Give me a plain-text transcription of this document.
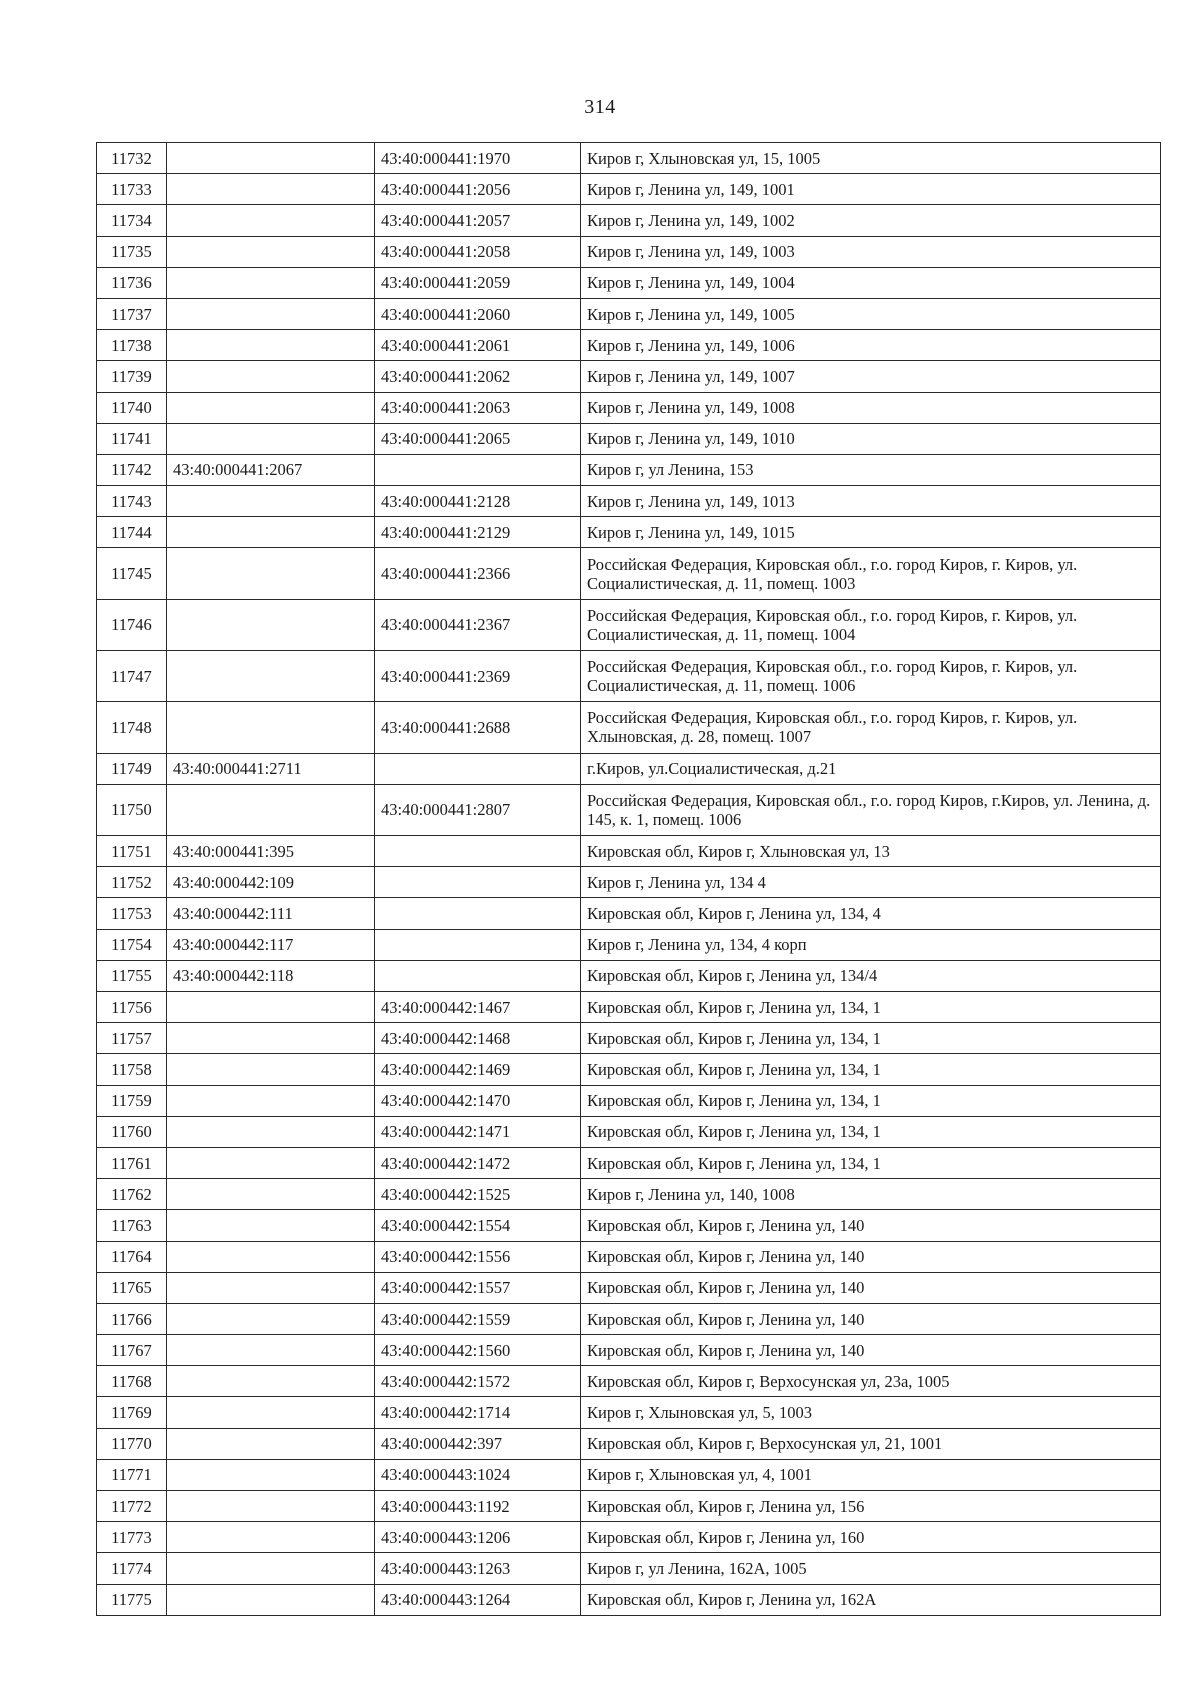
314
11732		43:40:000441:1970	Киров г, Хлыновская ул, 15, 1005
11733		43:40:000441:2056	Киров г, Ленина ул, 149, 1001
11734		43:40:000441:2057	Киров г, Ленина ул, 149, 1002
11735		43:40:000441:2058	Киров г, Ленина ул, 149, 1003
11736		43:40:000441:2059	Киров г, Ленина ул, 149, 1004
11737		43:40:000441:2060	Киров г, Ленина ул, 149, 1005
11738		43:40:000441:2061	Киров г, Ленина ул, 149, 1006
11739		43:40:000441:2062	Киров г, Ленина ул, 149, 1007
11740		43:40:000441:2063	Киров г, Ленина ул, 149, 1008
11741		43:40:000441:2065	Киров г, Ленина ул, 149, 1010
11742	43:40:000441:2067		Киров г, ул Ленина, 153
11743		43:40:000441:2128	Киров г, Ленина ул, 149, 1013
11744		43:40:000441:2129	Киров г, Ленина ул, 149, 1015
11745		43:40:000441:2366	Российская Федерация, Кировская обл., г.о. город Киров, г. Киров, ул. Социалистическая, д. 11, помещ. 1003
11746		43:40:000441:2367	Российская Федерация, Кировская обл., г.о. город Киров, г. Киров, ул. Социалистическая, д. 11, помещ. 1004
11747		43:40:000441:2369	Российская Федерация, Кировская обл., г.о. город Киров, г. Киров, ул. Социалистическая, д. 11, помещ. 1006
11748		43:40:000441:2688	Российская Федерация, Кировская обл., г.о. город Киров, г. Киров, ул. Хлыновская, д. 28, помещ. 1007
11749	43:40:000441:2711		г.Киров, ул.Социалистическая, д.21
11750		43:40:000441:2807	Российская Федерация, Кировская обл., г.о. город Киров, г.Киров, ул. Ленина, д. 145, к. 1, помещ. 1006
11751	43:40:000441:395		Кировская обл, Киров г, Хлыновская ул, 13
11752	43:40:000442:109		Киров г, Ленина ул, 134 4
11753	43:40:000442:111		Кировская обл, Киров г, Ленина ул, 134, 4
11754	43:40:000442:117		Киров г, Ленина ул, 134, 4 корп
11755	43:40:000442:118		Кировская обл, Киров г, Ленина ул, 134/4
11756		43:40:000442:1467	Кировская обл, Киров г, Ленина ул, 134, 1
11757		43:40:000442:1468	Кировская обл, Киров г, Ленина ул, 134, 1
11758		43:40:000442:1469	Кировская обл, Киров г, Ленина ул, 134, 1
11759		43:40:000442:1470	Кировская обл, Киров г, Ленина ул, 134, 1
11760		43:40:000442:1471	Кировская обл, Киров г, Ленина ул, 134, 1
11761		43:40:000442:1472	Кировская обл, Киров г, Ленина ул, 134, 1
11762		43:40:000442:1525	Киров г, Ленина ул, 140, 1008
11763		43:40:000442:1554	Кировская обл, Киров г, Ленина ул, 140
11764		43:40:000442:1556	Кировская обл, Киров г, Ленина ул, 140
11765		43:40:000442:1557	Кировская обл, Киров г, Ленина ул, 140
11766		43:40:000442:1559	Кировская обл, Киров г, Ленина ул, 140
11767		43:40:000442:1560	Кировская обл, Киров г, Ленина ул, 140
11768		43:40:000442:1572	Кировская обл, Киров г, Верхосунская ул, 23а, 1005
11769		43:40:000442:1714	Киров г, Хлыновская ул, 5, 1003
11770		43:40:000442:397	Кировская обл, Киров г, Верхосунская ул, 21, 1001
11771		43:40:000443:1024	Киров г, Хлыновская ул, 4, 1001
11772		43:40:000443:1192	Кировская обл, Киров г, Ленина ул, 156
11773		43:40:000443:1206	Кировская обл, Киров г, Ленина ул, 160
11774		43:40:000443:1263	Киров г, ул Ленина, 162А, 1005
11775		43:40:000443:1264	Кировская обл, Киров г, Ленина ул, 162А
